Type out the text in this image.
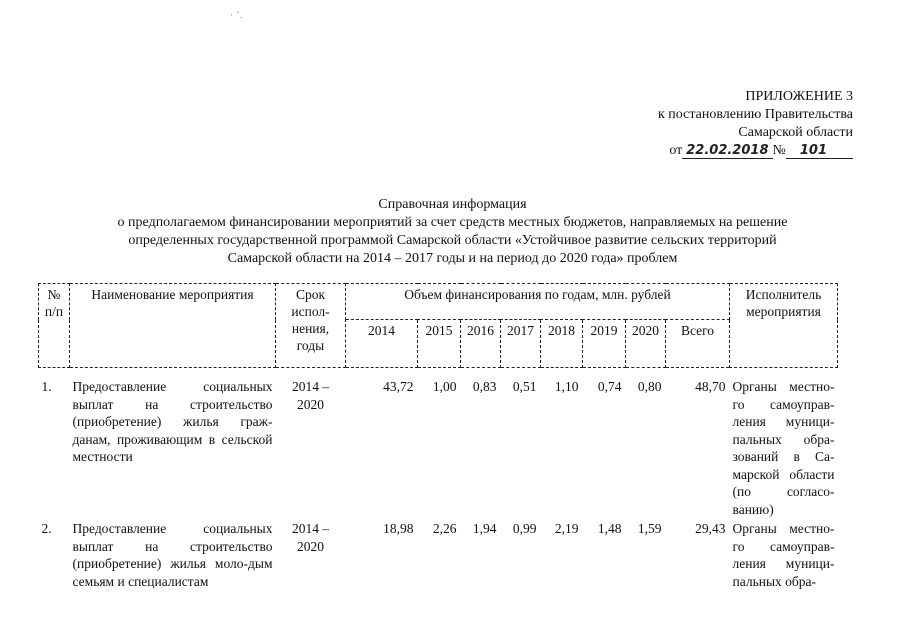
· '.
ПРИЛОЖЕНИЕ 3
к постановлению Правительства
Самарской области
от 22.02.2018 № 101
Справочная информация
о предполагаемом финансировании мероприятий за счет средств местных бюджетов, направляемых на решение
определенных государственной программой Самарской области «Устойчивое развитие сельских территорий
Самарской области на 2014 – 2017 годы и на период до 2020 года» проблем
№ п/п	Наименование мероприятия	Срок испол-нения, годы	Объем финансирования по годам, млн. рублей								Исполнитель мероприятия
			2014	2015	2016	2017	2018	2019	2020	Всего	

1.	Предоставление социальных выплат на строительство (приобретение) жилья граж-данам, проживающим в сельской местности	2014 – 2020	43,72	1,00	0,83	0,51	1,10	0,74	0,80	48,70	Органы местно-го самоуправ-ления муници-пальных обра-зований в Са-марской области (по согласо-ванию)
2.	Предоставление социальных выплат на строительство (приобретение) жилья моло-дым семьям и специалистам	2014 – 2020	18,98	2,26	1,94	0,99	2,19	1,48	1,59	29,43	Органы местно-го самоуправ-ления муници-пальных обра-
